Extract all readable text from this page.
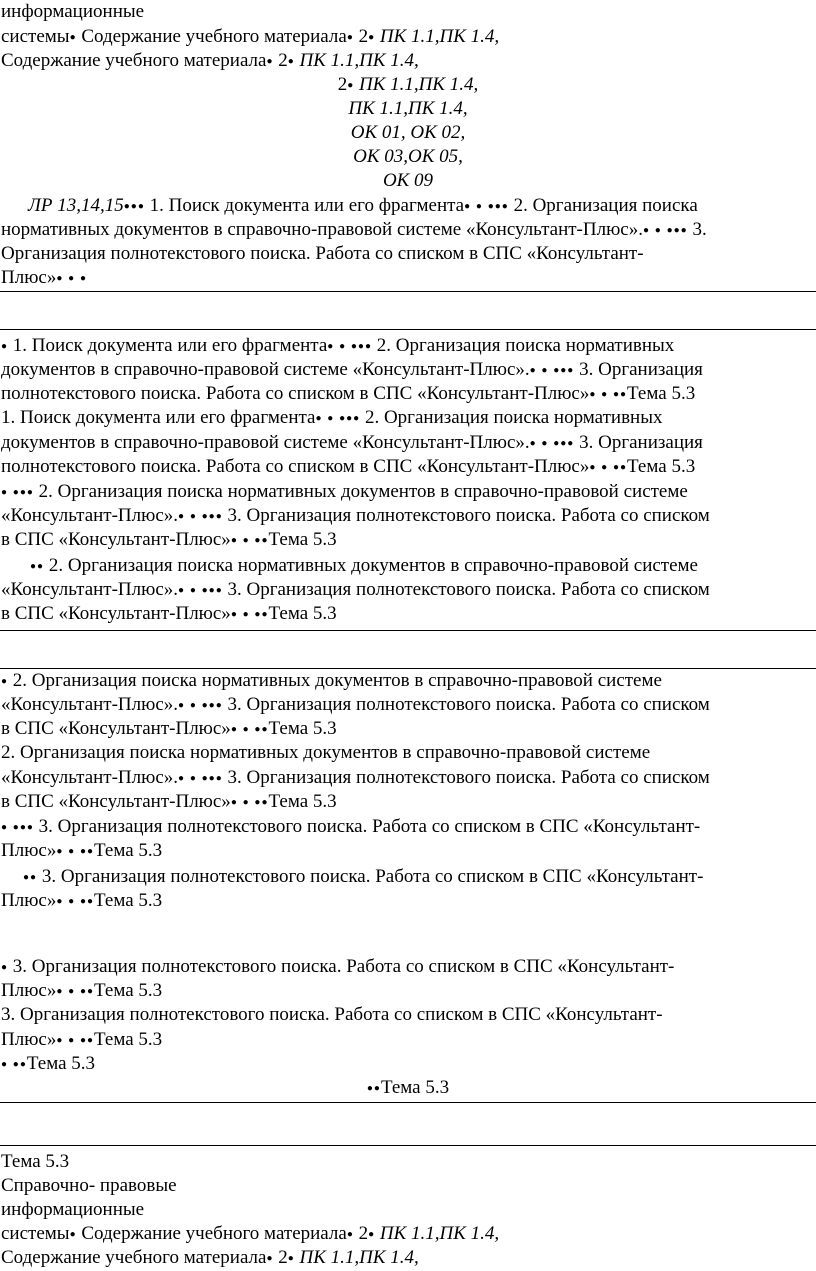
информационные
системы● Содержание учебного материала● 2● ПК 1.1,ПК 1.4,
Содержание учебного материала● 2● ПК 1.1,ПК 1.4,
2● ПК 1.1,ПК 1.4,
ПК 1.1,ПК 1.4,
ОК 01, ОК 02,
ОК 03,ОК 05,
ОК 09
ЛР 13,14,15●●● 1. Поиск документа или его фрагмента● ● ●●● 2. Организация поиска
нормативных документов в справочно-правовой системе «Консультант-Плюс».● ● ●●● 3.
Организация полнотекстового поиска. Работа со списком в СПС «Консультант-
Плюс»● ● ●
● 1. Поиск документа или его фрагмента● ● ●●● 2. Организация поиска нормативных
документов в справочно-правовой системе «Консультант-Плюс».● ● ●●● 3. Организация
полнотекстового поиска. Работа со списком в СПС «Консультант-Плюс»● ● ●●Тема 5.3
1. Поиск документа или его фрагмента● ● ●●● 2. Организация поиска нормативных
документов в справочно-правовой системе «Консультант-Плюс».● ● ●●● 3. Организация
полнотекстового поиска. Работа со списком в СПС «Консультант-Плюс»● ● ●●Тема 5.3
● ●●● 2. Организация поиска нормативных документов в справочно-правовой системе
«Консультант-Плюс».● ● ●●● 3. Организация полнотекстового поиска. Работа со списком
в СПС «Консультант-Плюс»● ● ●●Тема 5.3
●● 2. Организация поиска нормативных документов в справочно-правовой системе
«Консультант-Плюс».● ● ●●● 3. Организация полнотекстового поиска. Работа со списком
в СПС «Консультант-Плюс»● ● ●●Тема 5.3
● 2. Организация поиска нормативных документов в справочно-правовой системе
«Консультант-Плюс».● ● ●●● 3. Организация полнотекстового поиска. Работа со списком
в СПС «Консультант-Плюс»● ● ●●Тема 5.3
2. Организация поиска нормативных документов в справочно-правовой системе
«Консультант-Плюс».● ● ●●● 3. Организация полнотекстового поиска. Работа со списком
в СПС «Консультант-Плюс»● ● ●●Тема 5.3
● ●●● 3. Организация полнотекстового поиска. Работа со списком в СПС «Консультант-
Плюс»● ● ●●Тема 5.3
●● 3. Организация полнотекстового поиска. Работа со списком в СПС «Консультант-
Плюс»● ● ●●Тема 5.3
● 3. Организация полнотекстового поиска. Работа со списком в СПС «Консультант-
Плюс»● ● ●●Тема 5.3
3. Организация полнотекстового поиска. Работа со списком в СПС «Консультант-
Плюс»● ● ●●Тема 5.3
● ●●Тема 5.3
●●Тема 5.3
Тема 5.3
Справочно- правовые
информационные
системы● Содержание учебного материала● 2● ПК 1.1,ПК 1.4,
Содержание учебного материала● 2● ПК 1.1,ПК 1.4,
